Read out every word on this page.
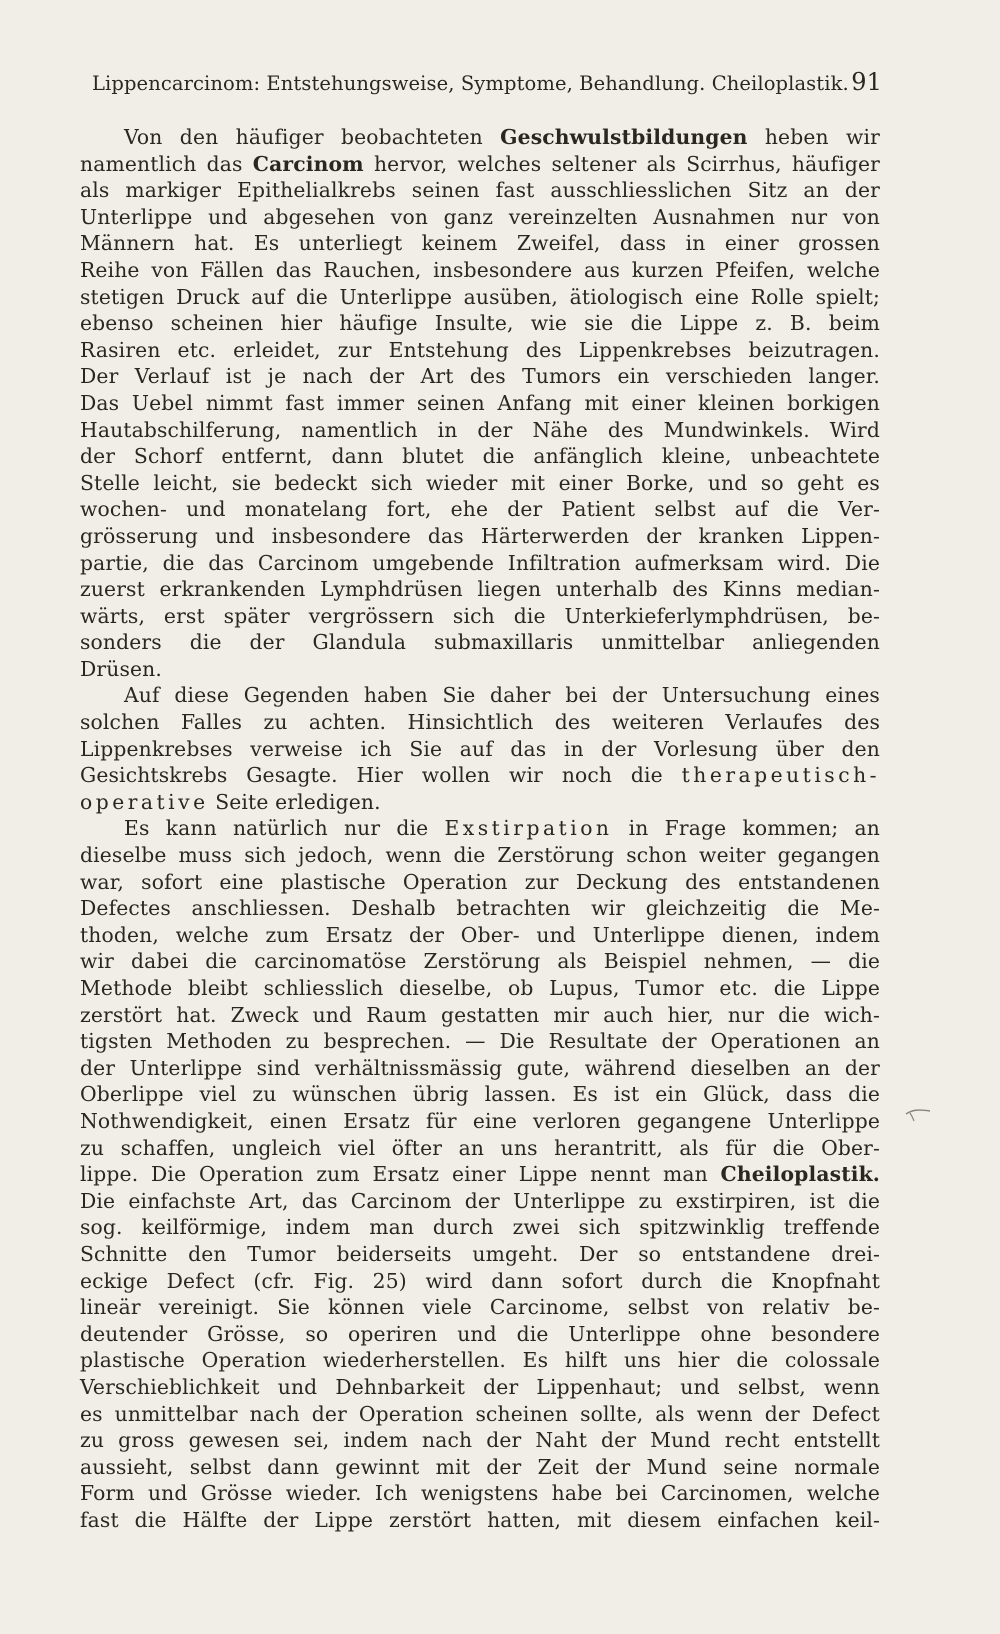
Lippencarcinom: Entstehungsweise, Symptome, Behandlung. Cheiloplastik. 91
Von den häufiger beobachteten Geschwulstbildungen heben wir
namentlich das Carcinom hervor, welches seltener als Scirrhus, häufiger
als markiger Epithelialkrebs seinen fast ausschliesslichen Sitz an der
Unterlippe und abgesehen von ganz vereinzelten Ausnahmen nur von
Männern hat. Es unterliegt keinem Zweifel, dass in einer grossen
Reihe von Fällen das Rauchen, insbesondere aus kurzen Pfeifen, welche
stetigen Druck auf die Unterlippe ausüben, ätiologisch eine Rolle spielt;
ebenso scheinen hier häufige Insulte, wie sie die Lippe z. B. beim
Rasiren etc. erleidet, zur Entstehung des Lippenkrebses beizutragen.
Der Verlauf ist je nach der Art des Tumors ein verschieden langer.
Das Uebel nimmt fast immer seinen Anfang mit einer kleinen borkigen
Hautabschilferung, namentlich in der Nähe des Mundwinkels. Wird
der Schorf entfernt, dann blutet die anfänglich kleine, unbeachtete
Stelle leicht, sie bedeckt sich wieder mit einer Borke, und so geht es
wochen- und monatelang fort, ehe der Patient selbst auf die Ver-
grösserung und insbesondere das Härterwerden der kranken Lippen-
partie, die das Carcinom umgebende Infiltration aufmerksam wird. Die
zuerst erkrankenden Lymphdrüsen liegen unterhalb des Kinns median-
wärts, erst später vergrössern sich die Unterkieferlymphdrüsen, be-
sonders die der Glandula submaxillaris unmittelbar anliegenden
Drüsen.
Auf diese Gegenden haben Sie daher bei der Untersuchung eines
solchen Falles zu achten. Hinsichtlich des weiteren Verlaufes des
Lippenkrebses verweise ich Sie auf das in der Vorlesung über den
Gesichtskrebs Gesagte. Hier wollen wir noch die therapeutisch-
operative Seite erledigen.
Es kann natürlich nur die Exstirpation in Frage kommen; an
dieselbe muss sich jedoch, wenn die Zerstörung schon weiter gegangen
war, sofort eine plastische Operation zur Deckung des entstandenen
Defectes anschliessen. Deshalb betrachten wir gleichzeitig die Me-
thoden, welche zum Ersatz der Ober- und Unterlippe dienen, indem
wir dabei die carcinomatöse Zerstörung als Beispiel nehmen, — die
Methode bleibt schliesslich dieselbe, ob Lupus, Tumor etc. die Lippe
zerstört hat. Zweck und Raum gestatten mir auch hier, nur die wich-
tigsten Methoden zu besprechen. — Die Resultate der Operationen an
der Unterlippe sind verhältnissmässig gute, während dieselben an der
Oberlippe viel zu wünschen übrig lassen. Es ist ein Glück, dass die
Nothwendigkeit, einen Ersatz für eine verloren gegangene Unterlippe
zu schaffen, ungleich viel öfter an uns herantritt, als für die Ober-
lippe. Die Operation zum Ersatz einer Lippe nennt man Cheiloplastik.
Die einfachste Art, das Carcinom der Unterlippe zu exstirpiren, ist die
sog. keilförmige, indem man durch zwei sich spitzwinklig treffende
Schnitte den Tumor beiderseits umgeht. Der so entstandene drei-
eckige Defect (cfr. Fig. 25) wird dann sofort durch die Knopfnaht
lineär vereinigt. Sie können viele Carcinome, selbst von relativ be-
deutender Grösse, so operiren und die Unterlippe ohne besondere
plastische Operation wiederherstellen. Es hilft uns hier die colossale
Verschieblichkeit und Dehnbarkeit der Lippenhaut; und selbst, wenn
es unmittelbar nach der Operation scheinen sollte, als wenn der Defect
zu gross gewesen sei, indem nach der Naht der Mund recht entstellt
aussieht, selbst dann gewinnt mit der Zeit der Mund seine normale
Form und Grösse wieder. Ich wenigstens habe bei Carcinomen, welche
fast die Hälfte der Lippe zerstört hatten, mit diesem einfachen keil-
